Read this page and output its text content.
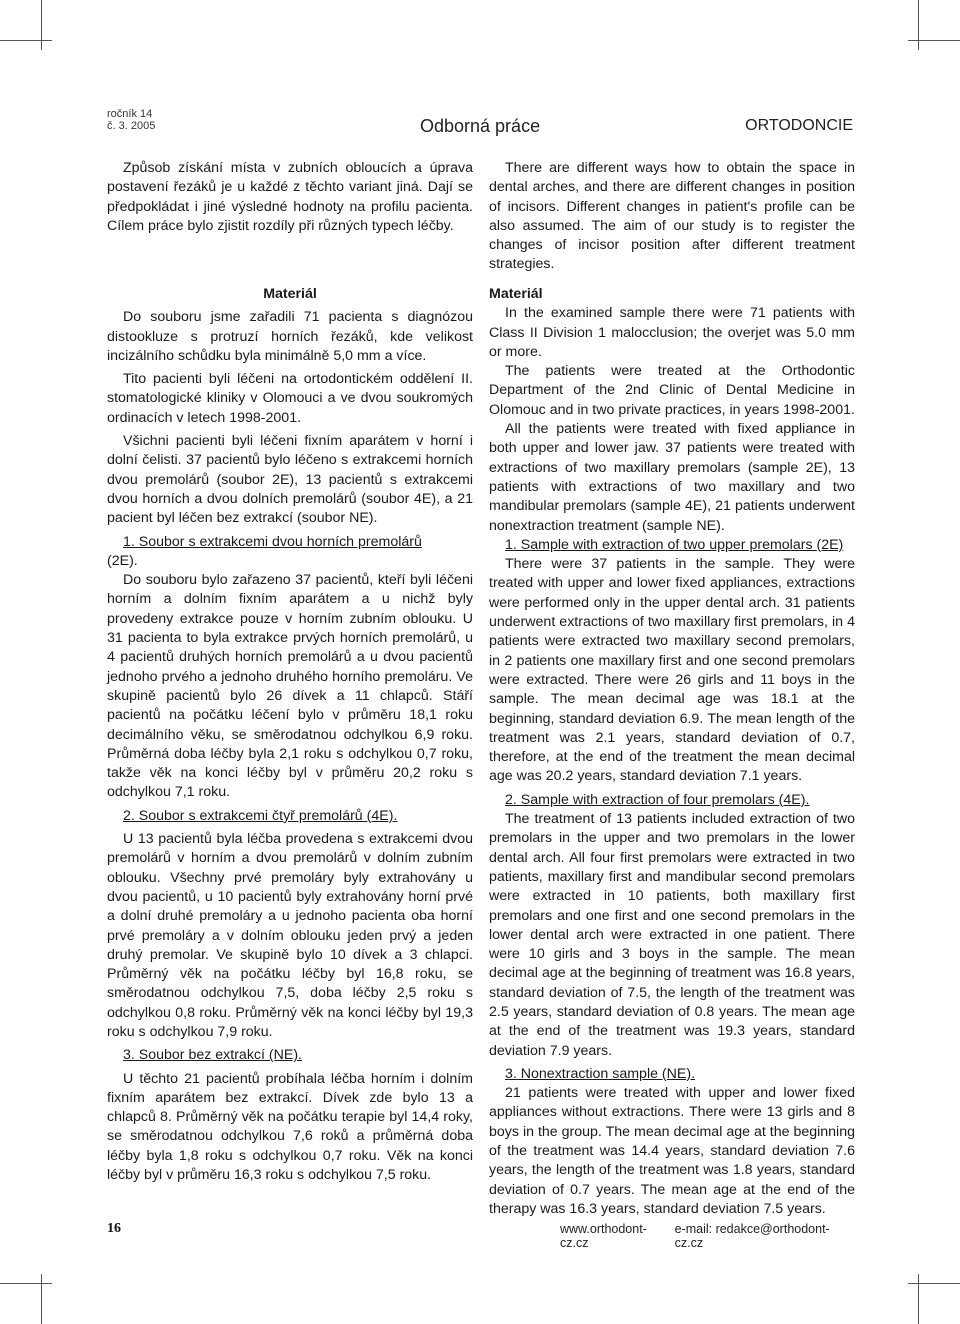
ročník 14
č. 3. 2005	Odborná práce	ORTODONCIE

Způsob získání místa v zubních obloucích a úprava postavení řezáků je u každé z těchto variant jiná. Dají se předpokládat i jiné výsledné hodnoty na profilu pacienta. Cílem práce bylo zjistit rozdíly při různých typech léčby.

There are different ways how to obtain the space in dental arches, and there are different changes in position of incisors. Different changes in patient's profile can be also assumed. The aim of our study is to register the changes of incisor position after different treatment strategies.

Materiál

Do souboru jsme zařadili 71 pacienta s diagnózou distookluze s protruzí horních řezáků, kde velikost incizálního schůdku byla minimálně 5,0 mm a více.

Tito pacienti byli léčeni na ortodontickém oddělení II. stomatologické kliniky v Olomouci a ve dvou soukromých ordinacích v letech 1998-2001.

Všichni pacienti byli léčeni fixním aparátem v horní i dolní čelisti. 37 pacientů bylo léčeno s extrakcemi horních dvou premolárů (soubor 2E), 13 pacientů s extrakcemi dvou horních a dvou dolních premolárů (soubor 4E), a 21 pacient byl léčen bez extrakcí (soubor NE).

1. Soubor s extrakcemi dvou horních premolárů

(2E).

Do souboru bylo zařazeno 37 pacientů, kteří byli léčeni horním a dolním fixním aparátem a u nichž byly provedeny extrakce pouze v horním zubním oblouku. U 31 pacienta to byla extrakce prvých horních premolárů, u 4 pacientů druhých horních premolárů a u dvou pacientů jednoho prvého a jednoho druhého horního premoláru. Ve skupině pacientů bylo 26 dívek a 11 chlapců. Stáří pacientů na počátku léčení bylo v průměru 18,1 roku decimálního věku, se směrodatnou odchylkou 6,9 roku. Průměrná doba léčby byla 2,1 roku s odchylkou 0,7 roku, takže věk na konci léčby byl v průměru 20,2 roku s odchylkou 7,1 roku.

2. Soubor s extrakcemi čtyř premolárů (4E).

U 13 pacientů byla léčba provedena s extrakcemi dvou premolárů v horním a dvou premolárů v dolním zubním oblouku. Všechny prvé premoláry byly extrahovány u dvou pacientů, u 10 pacientů byly extrahovány horní prvé a dolní druhé premoláry a u jednoho pacienta oba horní prvé premoláry a v dolním oblouku jeden prvý a jeden druhý premolar. Ve skupině bylo 10 dívek a 3 chlapci. Průměrný věk na počátku léčby byl 16,8 roku, se směrodatnou odchylkou 7,5, doba léčby 2,5 roku s odchylkou 0,8 roku. Průměrný věk na konci léčby byl 19,3 roku s odchylkou 7,9 roku.

3. Soubor bez extrakcí (NE).

U těchto 21 pacientů probíhala léčba horním i dolním fixním aparátem bez extrakcí. Dívek zde bylo 13 a chlapců 8. Průměrný věk na počátku terapie byl 14,4 roky, se směrodatnou odchylkou 7,6 roků a průměrná doba léčby byla 1,8 roku s odchylkou 0,7 roku. Věk na konci léčby byl v průměru 16,3 roku s odchylkou 7,5 roku.

Materiál

In the examined sample there were 71 patients with Class II Division 1 malocclusion; the overjet was 5.0 mm or more.

The patients were treated at the Orthodontic Department of the 2nd Clinic of Dental Medicine in Olomouc and in two private practices, in years 1998-2001.

All the patients were treated with fixed appliance in both upper and lower jaw. 37 patients were treated with extractions of two maxillary premolars (sample 2E), 13 patients with extractions of two maxillary and two mandibular premolars (sample 4E), 21 patients underwent nonextraction treatment (sample NE).

1. Sample with extraction of two upper premolars (2E)

There were 37 patients in the sample. They were treated with upper and lower fixed appliances, extractions were performed only in the upper dental arch. 31 patients underwent extractions of two maxillary first premolars, in 4 patients were extracted two maxillary second premolars, in 2 patients one maxillary first and one second premolars were extracted. There were 26 girls and 11 boys in the sample. The mean decimal age was 18.1 at the beginning, standard deviation 6.9. The mean length of the treatment was 2.1 years, standard deviation of 0.7, therefore, at the end of the treatment the mean decimal age was 20.2 years, standard deviation 7.1 years.

2. Sample with extraction of four premolars (4E).

The treatment of 13 patients included extraction of two premolars in the upper and two premolars in the lower dental arch. All four first premolars were extracted in two patients, maxillary first and mandibular second premolars were extracted in 10 patients, both maxillary first premolars and one first and one second premolars in the lower dental arch were extracted in one patient. There were 10 girls and 3 boys in the sample. The mean decimal age at the beginning of treatment was 16.8 years, standard deviation of 7.5, the length of the treatment was 2.5 years, standard deviation of 0.8 years. The mean age at the end of the treatment was 19.3 years, standard deviation 7.9 years.

3. Nonextraction sample (NE).

21 patients were treated with upper and lower fixed appliances without extractions. There were 13 girls and 8 boys in the group. The mean decimal age at the beginning of the treatment was 14.4 years, standard deviation 7.6 years, the length of the treatment was 1.8 years, standard deviation of 0.7 years. The mean age at the end of the therapy was 16.3 years, standard deviation 7.5 years.

16	www.orthodont-cz.cz
e-mail: redakce@orthodont-cz.cz
